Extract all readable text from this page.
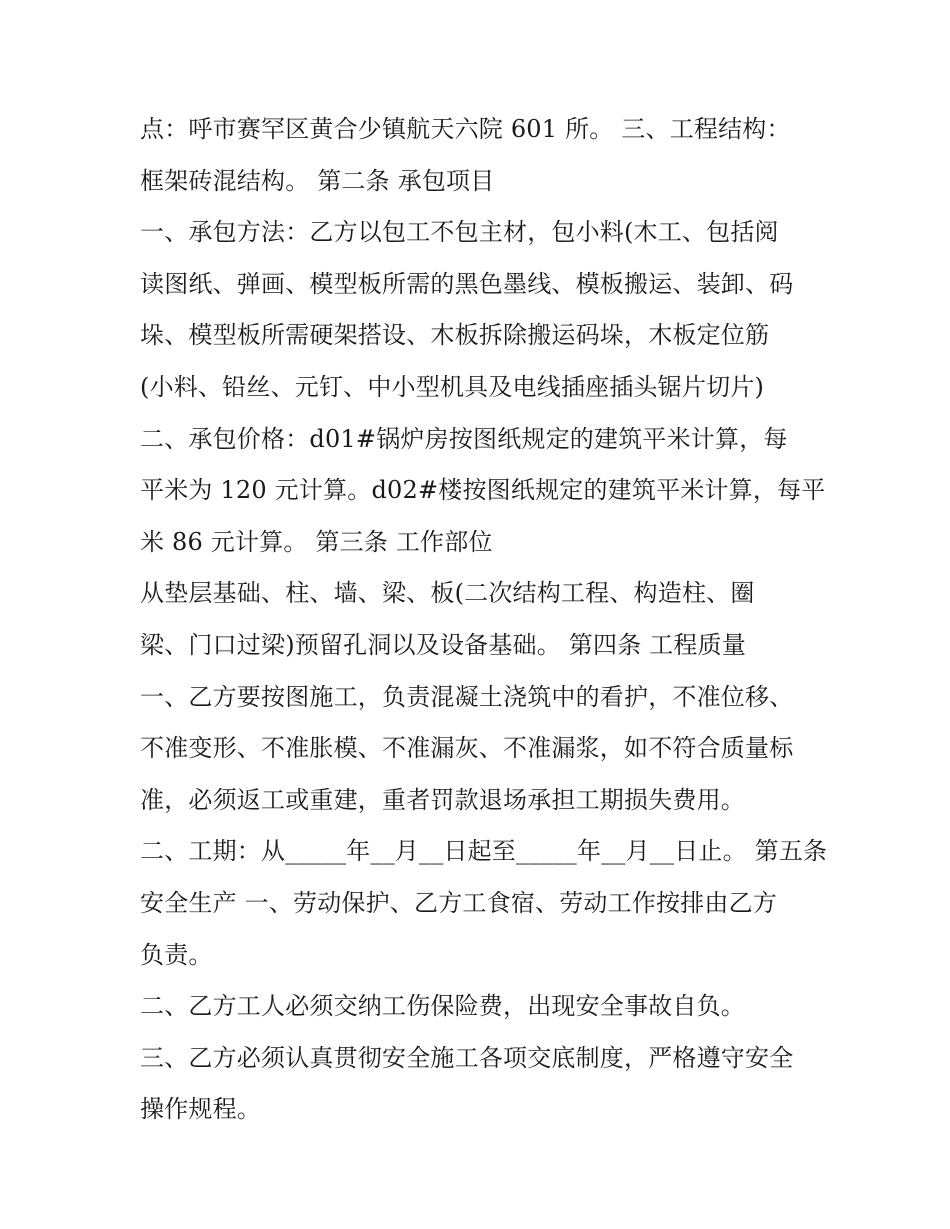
点：呼市赛罕区黄合少镇航天六院 601 所。 三、工程结构：
框架砖混结构。 第二条 承包项目
一、承包方法：乙方以包工不包主材，包小料(木工、包括阅
读图纸、弹画、模型板所需的黑色墨线、模板搬运、装卸、码
垛、模型板所需硬架搭设、木板拆除搬运码垛，木板定位筋
(小料、铅丝、元钉、中小型机具及电线插座插头锯片切片)
二、承包价格：d01#锅炉房按图纸规定的建筑平米计算，每
平米为 120 元计算。d02#楼按图纸规定的建筑平米计算，每平
米 86 元计算。 第三条 工作部位
从垫层基础、柱、墙、梁、板(二次结构工程、构造柱、圈
梁、门口过梁)预留孔洞以及设备基础。 第四条 工程质量
一、乙方要按图施工，负责混凝土浇筑中的看护，不准位移、
不准变形、不准胀模、不准漏灰、不准漏浆，如不符合质量标
准，必须返工或重建，重者罚款退场承担工期损失费用。
二、工期：从_____年__月__日起至_____年__月__日止。 第五条
安全生产 一、劳动保护、乙方工食宿、劳动工作按排由乙方
负责。
二、乙方工人必须交纳工伤保险费，出现安全事故自负。
三、乙方必须认真贯彻安全施工各项交底制度，严格遵守安全
操作规程。
